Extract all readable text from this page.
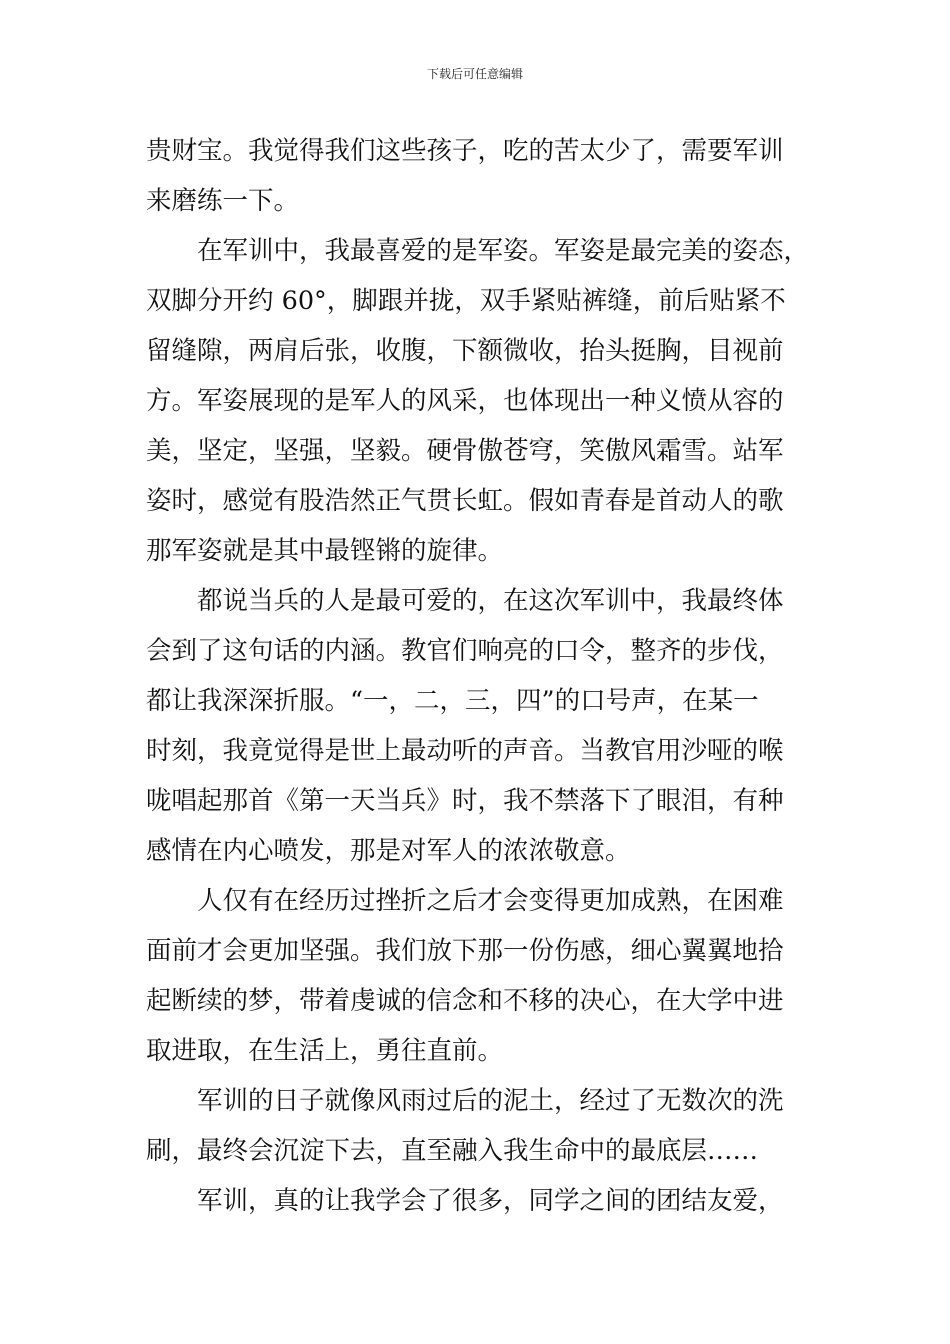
下载后可任意编辑
贵财宝。我觉得我们这些孩子，吃的苦太少了，需要军训
来磨练一下。
在军训中，我最喜爱的是军姿。军姿是最完美的姿态，
双脚分开约 60°，脚跟并拢，双手紧贴裤缝，前后贴紧不
留缝隙，两肩后张，收腹，下额微收，抬头挺胸，目视前
方。军姿展现的是军人的风采，也体现出一种义愤从容的
美，坚定，坚强，坚毅。硬骨傲苍穹，笑傲风霜雪。站军
姿时，感觉有股浩然正气贯长虹。假如青春是首动人的歌
那军姿就是其中最铿锵的旋律。
都说当兵的人是最可爱的，在这次军训中，我最终体
会到了这句话的内涵。教官们响亮的口令，整齐的步伐，
都让我深深折服。“一，二，三，四”的口号声，在某一
时刻，我竟觉得是世上最动听的声音。当教官用沙哑的喉
咙唱起那首《第一天当兵》时，我不禁落下了眼泪，有种
感情在内心喷发，那是对军人的浓浓敬意。
人仅有在经历过挫折之后才会变得更加成熟，在困难
面前才会更加坚强。我们放下那一份伤感，细心翼翼地拾
起断续的梦，带着虔诚的信念和不移的决心，在大学中进
取进取，在生活上，勇往直前。
军训的日子就像风雨过后的泥土，经过了无数次的洗
刷，最终会沉淀下去，直至融入我生命中的最底层……
军训，真的让我学会了很多，同学之间的团结友爱，
